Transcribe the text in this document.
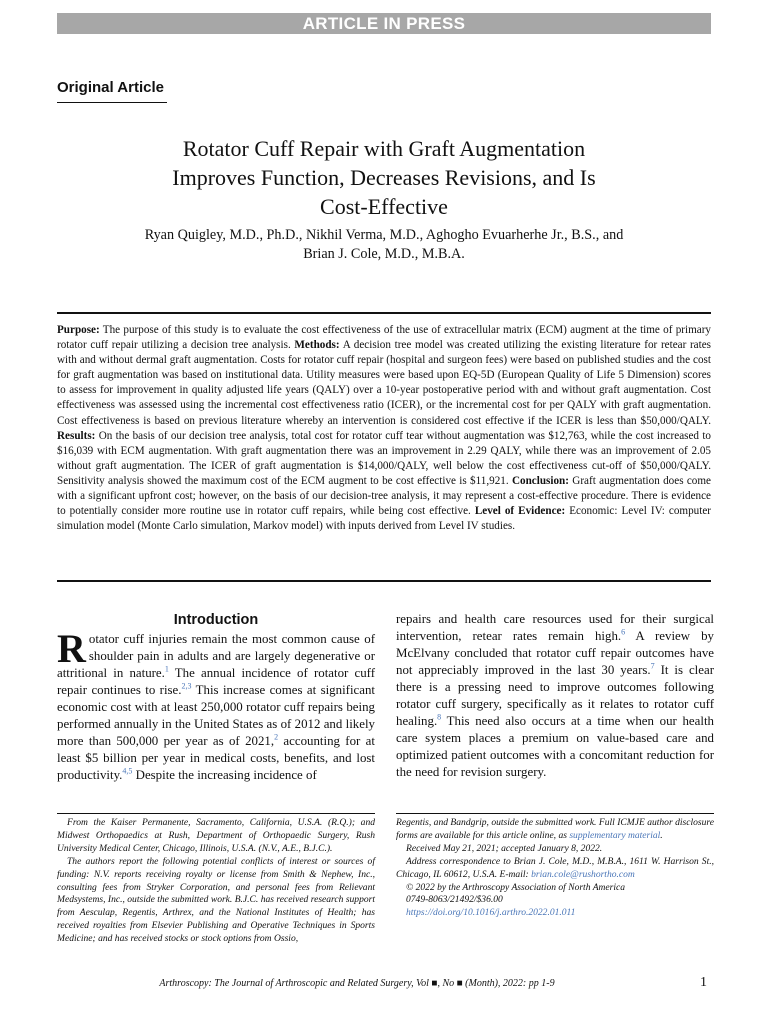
ARTICLE IN PRESS
Original Article
Rotator Cuff Repair with Graft Augmentation
Improves Function, Decreases Revisions, and Is
Cost-Effective
Ryan Quigley, M.D., Ph.D., Nikhil Verma, M.D., Aghogho Evuarherhe Jr., B.S., and
Brian J. Cole, M.D., M.B.A.
Purpose: The purpose of this study is to evaluate the cost effectiveness of the use of extracellular matrix (ECM) augment at the time of primary rotator cuff repair utilizing a decision tree analysis. Methods: A decision tree model was created utilizing the existing literature for retear rates with and without dermal graft augmentation. Costs for rotator cuff repair (hospital and surgeon fees) were based on published studies and the cost for graft augmentation was based on institutional data. Utility measures were based upon EQ-5D (European Quality of Life 5 Dimension) scores to assess for improvement in quality adjusted life years (QALY) over a 10-year postoperative period with and without graft augmentation. Cost effectiveness was assessed using the incremental cost effectiveness ratio (ICER), or the incremental cost for per QALY with graft augmentation. Cost effectiveness is based on previous literature whereby an intervention is considered cost effective if the ICER is less than $50,000/QALY. Results: On the basis of our decision tree analysis, total cost for rotator cuff tear without augmentation was $12,763, while the cost increased to $16,039 with ECM augmentation. With graft augmentation there was an improvement in 2.29 QALY, while there was an improvement of 2.05 without graft augmentation. The ICER of graft augmentation is $14,000/QALY, well below the cost effectiveness cut-off of $50,000/QALY. Sensitivity analysis showed the maximum cost of the ECM augment to be cost effective is $11,921. Conclusion: Graft augmentation does come with a significant upfront cost; however, on the basis of our decision-tree analysis, it may represent a cost-effective procedure. There is evidence to potentially consider more routine use in rotator cuff repairs, while being cost effective. Level of Evidence: Economic: Level IV: computer simulation model (Monte Carlo simulation, Markov model) with inputs derived from Level IV studies.
Introduction
Rotator cuff injuries remain the most common cause of shoulder pain in adults and are largely degenerative or attritional in nature.$^1$ The annual incidence of rotator cuff repair continues to rise.$^{2,3}$ This increase comes at significant economic cost with at least 250,000 rotator cuff repairs being performed annually in the United States as of 2012 and likely more than 500,000 per year as of 2021,$^2$ accounting for at least $5 billion per year in medical costs, benefits, and lost productivity.$^{4,5}$ Despite the increasing incidence of
repairs and health care resources used for their surgical intervention, retear rates remain high.$^6$ A review by McElvany concluded that rotator cuff repair outcomes have not appreciably improved in the last 30 years.$^7$ It is clear there is a pressing need to improve outcomes following rotator cuff surgery, specifically as it relates to rotator cuff healing.$^8$ This need also occurs at a time when our health care system places a premium on value-based care and optimized patient outcomes with a concomitant reduction for the need for revision surgery.

From the Kaiser Permanente, Sacramento, California, U.S.A. (R.Q.); and Midwest Orthopaedics at Rush, Department of Orthopaedic Surgery, Rush University Medical Center, Chicago, Illinois, U.S.A. (N.V., A.E., B.J.C.).

The authors report the following potential conflicts of interest or sources of funding: N.V. reports receiving royalty or license from Smith & Nephew, Inc., consulting fees from Stryker Corporation, and personal fees from Relievant Medsystems, Inc., outside the submitted work. B.J.C. has received research support from Aesculap, Regentis, Arthrex, and the National Institutes of Health; has received royalties from Elsevier Publishing and Operative Techniques in Sports Medicine; and has received stocks or stock options from Ossio,

Regentis, and Bandgrip, outside the submitted work. Full ICMJE author disclosure forms are available for this article online, as supplementary material.

Received May 21, 2021; accepted January 8, 2022.

Address correspondence to Brian J. Cole, M.D., M.B.A., 1611 W. Harrison St., Chicago, IL 60612, U.S.A. E-mail: brian.cole@rushortho.com

© 2022 by the Arthroscopy Association of North America

0749-8063/21492/$36.00

https://doi.org/10.1016/j.arthro.2022.01.011

Arthroscopy: The Journal of Arthroscopic and Related Surgery, Vol ■, No ■ (Month), 2022: pp 1-9	1
